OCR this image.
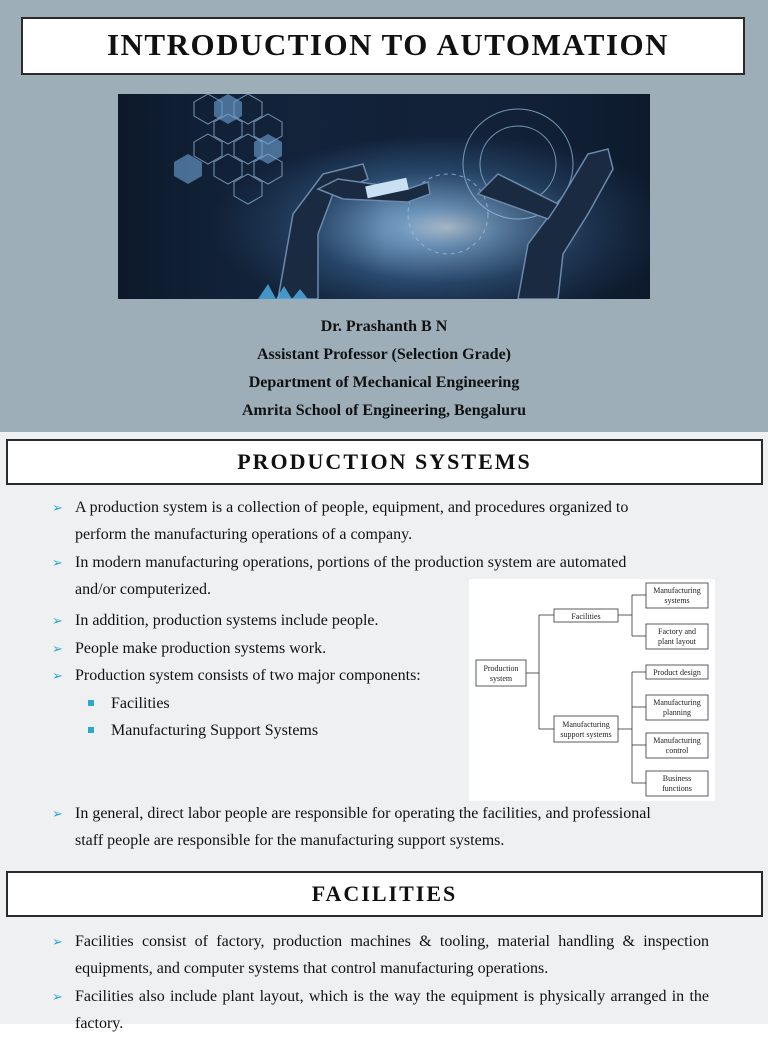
INTRODUCTION TO AUTOMATION
Dr. Prashanth B N
Assistant Professor (Selection Grade)
Department of Mechanical Engineering
Amrita School of Engineering, Bengaluru
PRODUCTION SYSTEMS
➢ A production system is a collection of people, equipment, and procedures organized to
perform the manufacturing operations of a company.
➢ In modern manufacturing operations, portions of the production system are automated
and/or computerized.
➢ In addition, production systems include people.
➢ People make production systems work.
➢ Production system consists of two major components:
Facilities
Manufacturing Support Systems
Production
system
Facilities
Manufacturing
support systems
Manufacturing
systems
Factory and
plant layout
Product design
Manufacturing
planning
Manufacturing
control
Business
functions
➢ In general, direct labor people are responsible for operating the facilities, and professional
staff people are responsible for the manufacturing support systems.
FACILITIES
➢ Facilities consist of factory, production machines & tooling, material handling & inspection equipments, and computer systems that control manufacturing operations.
➢ Facilities also include plant layout, which is the way the equipment is physically arranged in the factory.
